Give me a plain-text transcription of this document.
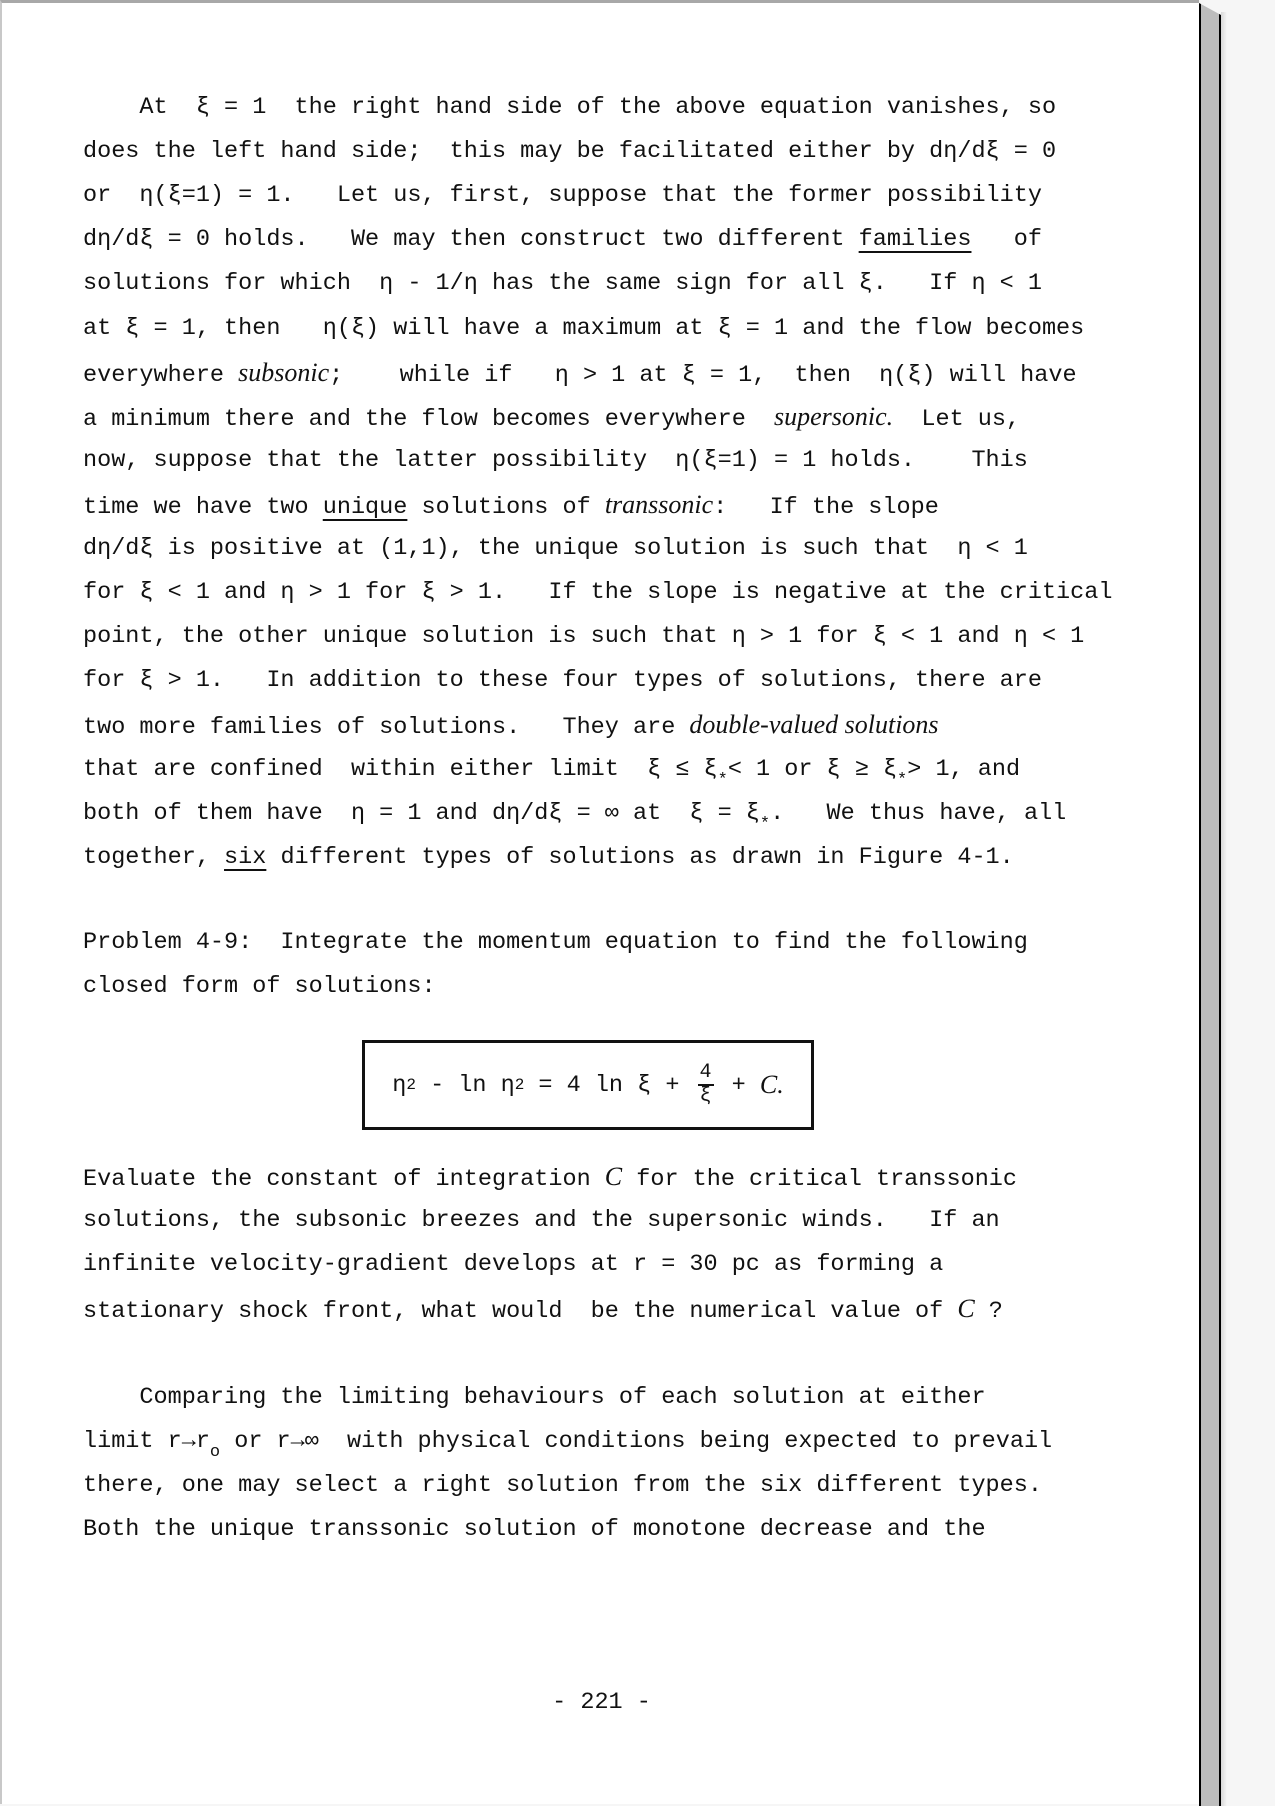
At  ξ = 1  the right hand side of the above equation vanishes, so
does the left hand side;  this may be facilitated either by dη/dξ = 0
or  η(ξ=1) = 1.   Let us, first, suppose that the former possibility
dη/dξ = 0 holds.   We may then construct two different families   of
solutions for which  η - 1/η has the same sign for all ξ.   If η < 1
at ξ = 1, then   η(ξ) will have a maximum at ξ = 1 and the flow becomes
everywhere subsonic;    while if   η > 1 at ξ = 1,  then  η(ξ) will have
a minimum there and the flow becomes everywhere  supersonic.  Let us,
now, suppose that the latter possibility  η(ξ=1) = 1 holds.    This
time we have two unique solutions of transsonic:   If the slope
dη/dξ is positive at (1,1), the unique solution is such that  η < 1
for ξ < 1 and η > 1 for ξ > 1.   If the slope is negative at the critical
point, the other unique solution is such that η > 1 for ξ < 1 and η < 1
for ξ > 1.   In addition to these four types of solutions, there are
two more families of solutions.   They are double-valued solutions
that are confined  within either limit  $\xi \le \xi_*< 1$ or $\xi \ge \xi_*> 1$, and
both of them have  η = 1 and dη/dξ = ∞ at  $\xi = \xi_*$.   We thus have, all
together, six different types of solutions as drawn in Figure 4-1.
Problem 4-9:  Integrate the momentum equation to find the following
closed form of solutions:
Evaluate the constant of integration C for the critical transsonic
solutions, the subsonic breezes and the supersonic winds.   If an
infinite velocity-gradient develops at r = 30 pc as forming a
stationary shock front, what would  be the numerical value of C ?
Comparing the limiting behaviours of each solution at either
limit $r\to r_o$ or r→∞  with physical conditions being expected to prevail
there, one may select a right solution from the six different types.
Both the unique transsonic solution of monotone decrease and the
η 2 - ln η 2 = 4 $\ln \xi + \frac{4}{\xi} + C$.
- 221 -
